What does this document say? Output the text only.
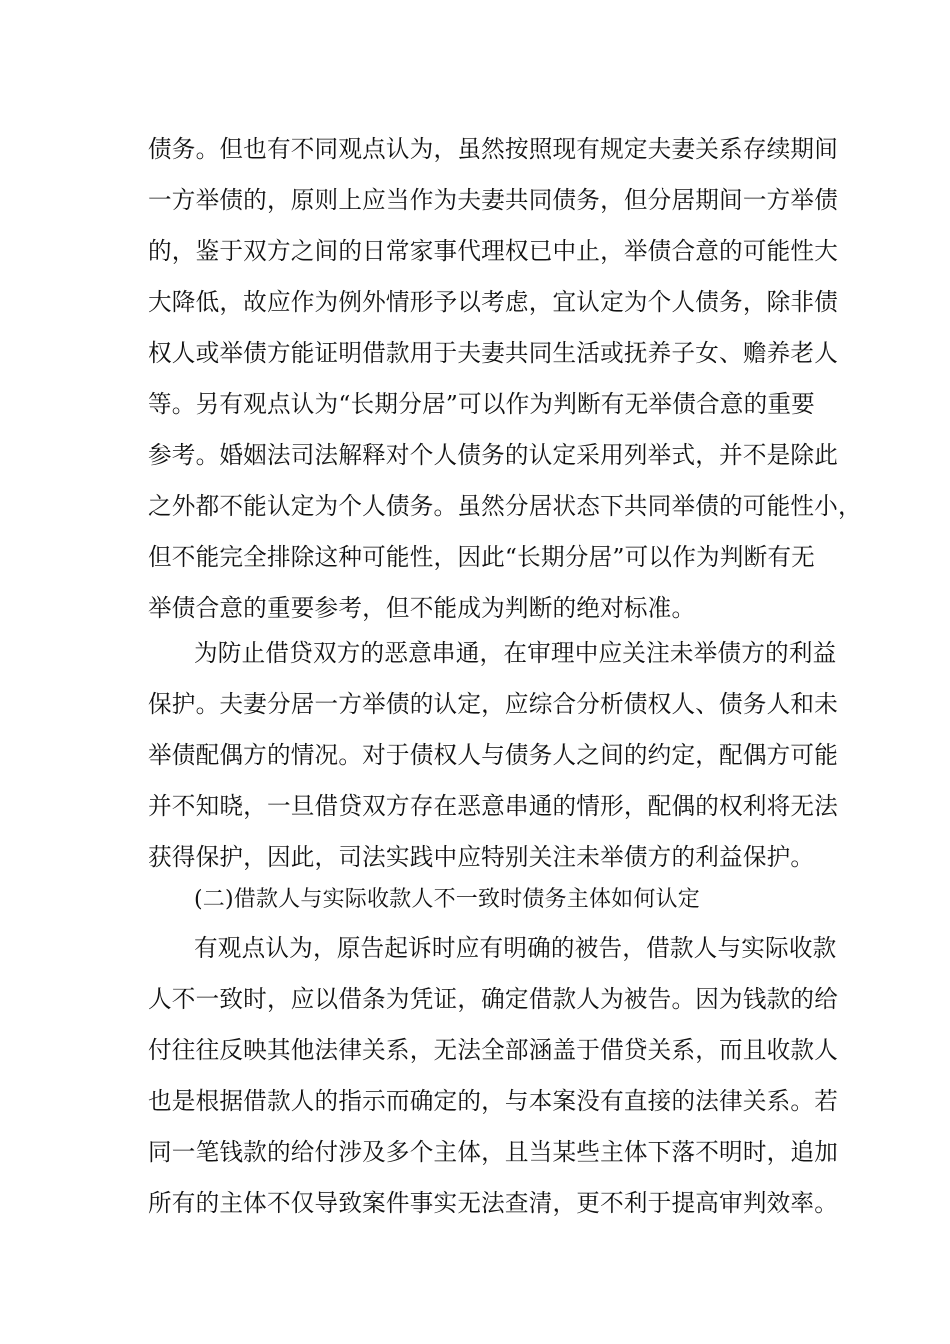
债务。但也有不同观点认为，虽然按照现有规定夫妻关系存续期间

一方举债的，原则上应当作为夫妻共同债务，但分居期间一方举债

的，鉴于双方之间的日常家事代理权已中止，举债合意的可能性大

大降低，故应作为例外情形予以考虑，宜认定为个人债务，除非债

权人或举债方能证明借款用于夫妻共同生活或抚养子女、赡养老人

等。另有观点认为“长期分居”可以作为判断有无举债合意的重要

参考。婚姻法司法解释对个人债务的认定采用列举式，并不是除此

之外都不能认定为个人债务。虽然分居状态下共同举债的可能性小，

但不能完全排除这种可能性，因此“长期分居”可以作为判断有无

举债合意的重要参考，但不能成为判断的绝对标准。

为防止借贷双方的恶意串通，在审理中应关注未举债方的利益

保护。夫妻分居一方举债的认定，应综合分析债权人、债务人和未

举债配偶方的情况。对于债权人与债务人之间的约定，配偶方可能

并不知晓，一旦借贷双方存在恶意串通的情形，配偶的权利将无法

获得保护，因此，司法实践中应特别关注未举债方的利益保护。

(二)借款人与实际收款人不一致时债务主体如何认定

有观点认为，原告起诉时应有明确的被告，借款人与实际收款

人不一致时，应以借条为凭证，确定借款人为被告。因为钱款的给

付往往反映其他法律关系，无法全部涵盖于借贷关系，而且收款人

也是根据借款人的指示而确定的，与本案没有直接的法律关系。若

同一笔钱款的给付涉及多个主体，且当某些主体下落不明时，追加

所有的主体不仅导致案件事实无法查清，更不利于提高审判效率。
